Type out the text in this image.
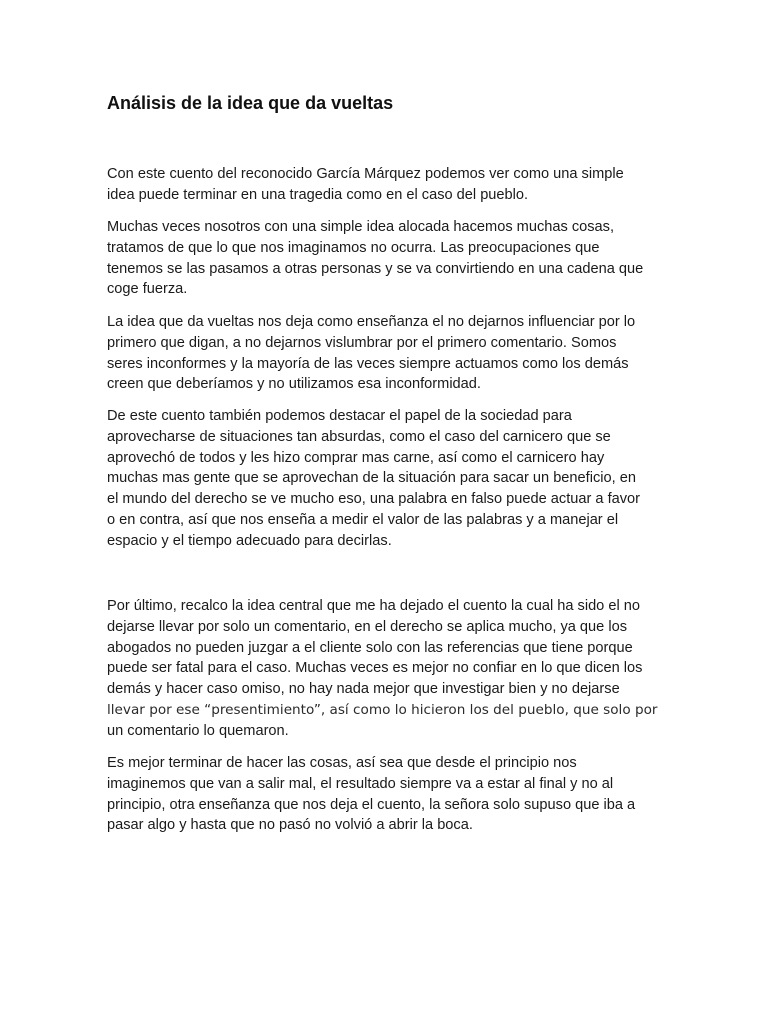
Análisis de la idea que da vueltas

Con este cuento del reconocido García Márquez podemos ver como una simple
idea puede terminar en una tragedia como en el caso del pueblo.

Muchas veces nosotros con una simple idea alocada hacemos muchas cosas,
tratamos de que lo que nos imaginamos no ocurra. Las preocupaciones que
tenemos se las pasamos a otras personas y se va convirtiendo en una cadena que
coge fuerza.

La idea que da vueltas nos deja como enseñanza el no dejarnos influenciar por lo
primero que digan, a no dejarnos vislumbrar por el primero comentario. Somos
seres inconformes y la mayoría de las veces siempre actuamos como los demás
creen que deberíamos y no utilizamos esa inconformidad.

De este cuento también podemos destacar el papel de la sociedad para
aprovecharse de situaciones tan absurdas, como el caso del carnicero que se
aprovechó de todos y les hizo comprar mas carne, así como el carnicero hay
muchas mas gente que se aprovechan de la situación para sacar un beneficio, en
el mundo del derecho se ve mucho eso, una palabra en falso puede actuar a favor
o en contra, así que nos enseña a medir el valor de las palabras y a manejar el
espacio y el tiempo adecuado para decirlas.

Por último, recalco la idea central que me ha dejado el cuento la cual ha sido el no
dejarse llevar por solo un comentario, en el derecho se aplica mucho, ya que los
abogados no pueden juzgar a el cliente solo con las referencias que tiene porque
puede ser fatal para el caso. Muchas veces es mejor no confiar en lo que dicen los
demás y hacer caso omiso, no hay nada mejor que investigar bien y no dejarse
llevar por ese “presentimiento”, así como lo hicieron los del pueblo, que solo por
un comentario lo quemaron.

Es mejor terminar de hacer las cosas, así sea que desde el principio nos
imaginemos que van a salir mal, el resultado siempre va a estar al final y no al
principio, otra enseñanza que nos deja el cuento, la señora solo supuso que iba a
pasar algo y hasta que no pasó no volvió a abrir la boca.
